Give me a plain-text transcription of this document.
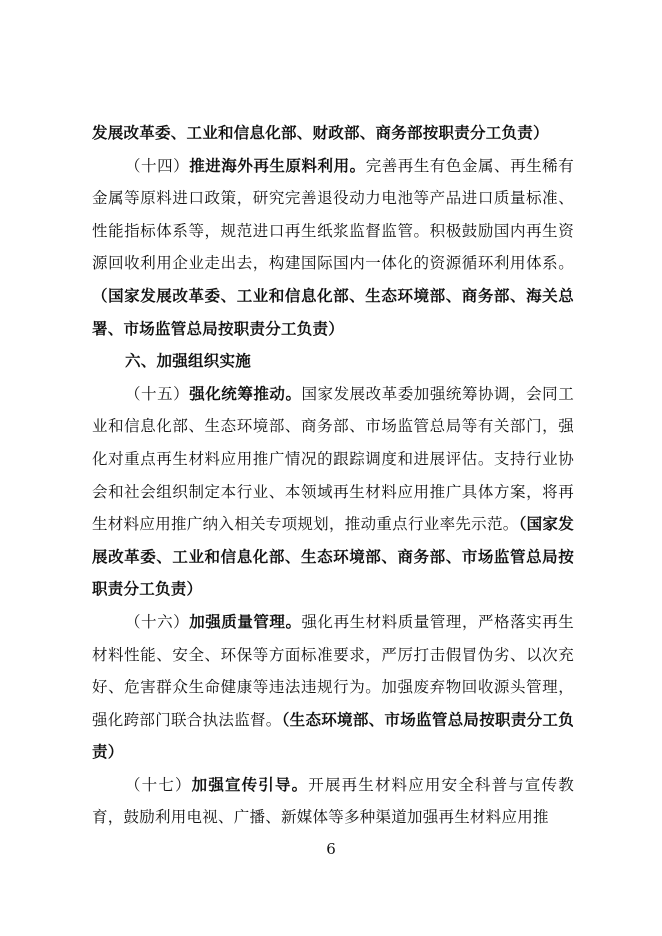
发展改革委、工业和信息化部、财政部、商务部按职责分工负责）

（十四）推进海外再生原料利用。完善再生有色金属、再生稀有金属等原料进口政策，研究完善退役动力电池等产品进口质量标准、性能指标体系等，规范进口再生纸浆监督监管。积极鼓励国内再生资源回收利用企业走出去，构建国际国内一体化的资源循环利用体系。（国家发展改革委、工业和信息化部、生态环境部、商务部、海关总署、市场监管总局按职责分工负责）

六、加强组织实施

（十五）强化统筹推动。国家发展改革委加强统筹协调，会同工业和信息化部、生态环境部、商务部、市场监管总局等有关部门，强化对重点再生材料应用推广情况的跟踪调度和进展评估。支持行业协会和社会组织制定本行业、本领域再生材料应用推广具体方案，将再生材料应用推广纳入相关专项规划，推动重点行业率先示范。（国家发展改革委、工业和信息化部、生态环境部、商务部、市场监管总局按职责分工负责）

（十六）加强质量管理。强化再生材料质量管理，严格落实再生材料性能、安全、环保等方面标准要求，严厉打击假冒伪劣、以次充好、危害群众生命健康等违法违规行为。加强废弃物回收源头管理，强化跨部门联合执法监督。（生态环境部、市场监管总局按职责分工负责）

（十七）加强宣传引导。开展再生材料应用安全科普与宣传教育，鼓励利用电视、广播、新媒体等多种渠道加强再生材料应用推

6
